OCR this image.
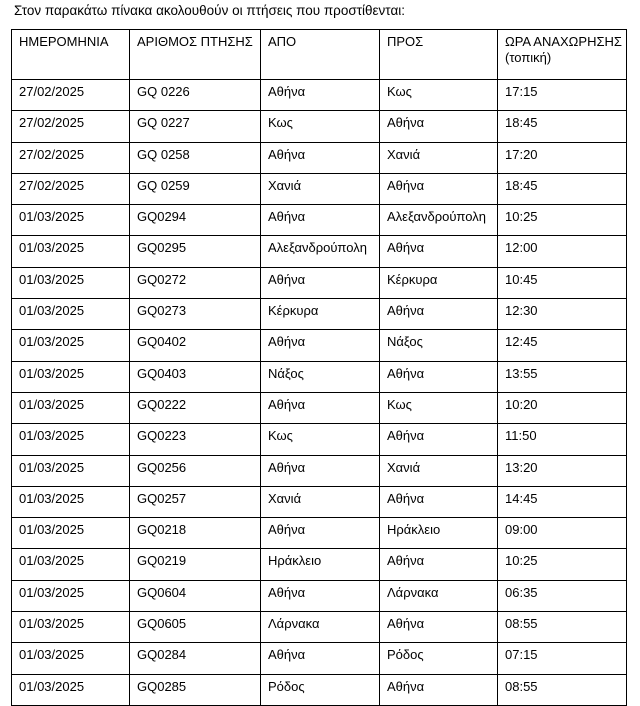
Στον παρακάτω πίνακα ακολουθούν οι πτήσεις που προστίθενται:
ΗΜΕΡΟΜΗΝΙΑ	ΑΡΙΘΜΟΣ ΠΤΗΣΗΣ	ΑΠΟ	ΠΡΟΣ	ΩΡΑ ΑΝΑΧΩΡΗΣΗΣ
(τοπική)

27/02/2025	GQ 0226	Αθήνα	Κως	17:15
27/02/2025	GQ 0227	Κως	Αθήνα	18:45
27/02/2025	GQ 0258	Αθήνα	Χανιά	17:20
27/02/2025	GQ 0259	Χανιά	Αθήνα	18:45
01/03/2025	GQ0294	Αθήνα	Αλεξανδρούπολη	10:25
01/03/2025	GQ0295	Αλεξανδρούπολη	Αθήνα	12:00
01/03/2025	GQ0272	Αθήνα	Κέρκυρα	10:45
01/03/2025	GQ0273	Κέρκυρα	Αθήνα	12:30
01/03/2025	GQ0402	Αθήνα	Νάξος	12:45
01/03/2025	GQ0403	Νάξος	Αθήνα	13:55
01/03/2025	GQ0222	Αθήνα	Κως	10:20
01/03/2025	GQ0223	Κως	Αθήνα	11:50
01/03/2025	GQ0256	Αθήνα	Χανιά	13:20
01/03/2025	GQ0257	Χανιά	Αθήνα	14:45
01/03/2025	GQ0218	Αθήνα	Ηράκλειο	09:00
01/03/2025	GQ0219	Ηράκλειο	Αθήνα	10:25
01/03/2025	GQ0604	Αθήνα	Λάρνακα	06:35
01/03/2025	GQ0605	Λάρνακα	Αθήνα	08:55
01/03/2025	GQ0284	Αθήνα	Ρόδος	07:15
01/03/2025	GQ0285	Ρόδος	Αθήνα	08:55
